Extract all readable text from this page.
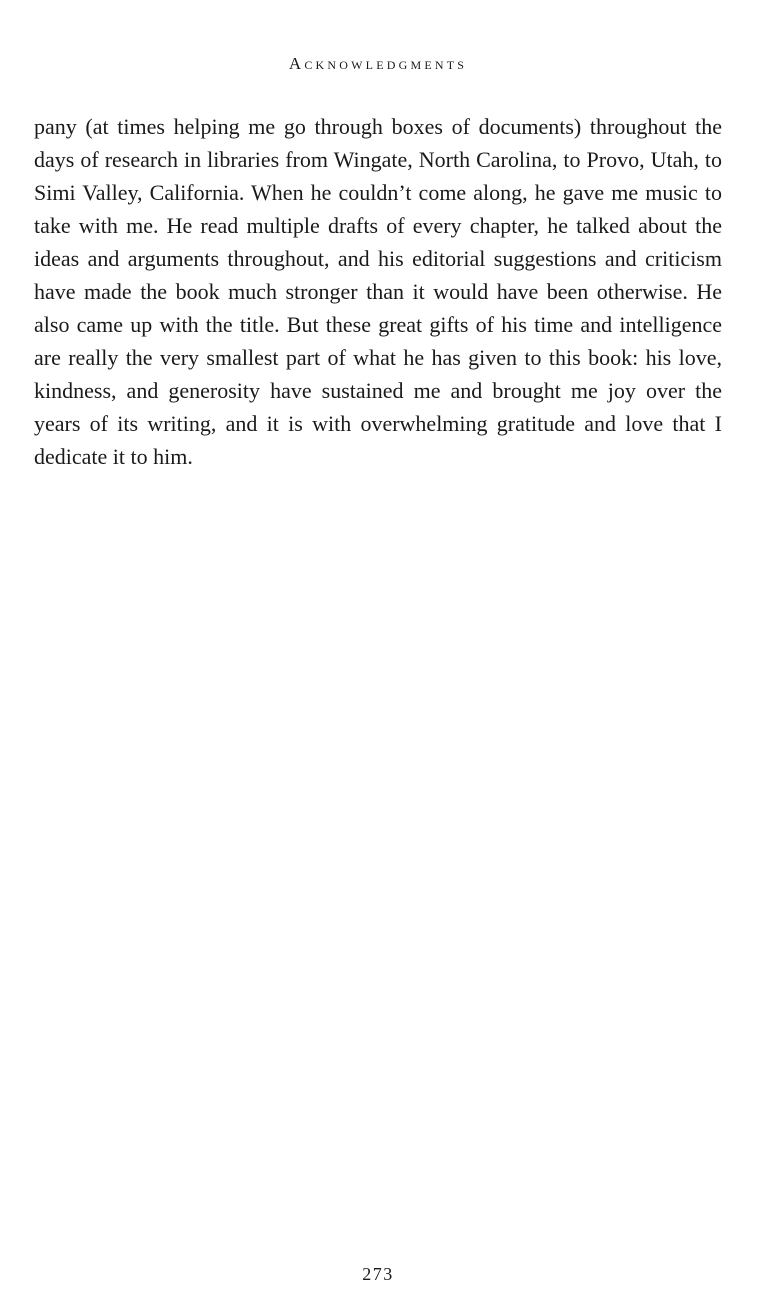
Acknowledgments

pany (at times helping me go through boxes of documents) throughout the days of research in libraries from Wingate, North Carolina, to Provo, Utah, to Simi Valley, California. When he couldn’t come along, he gave me music to take with me. He read multiple drafts of every chapter, he talked about the ideas and arguments throughout, and his editorial suggestions and criticism have made the book much stronger than it would have been otherwise. He also came up with the title. But these great gifts of his time and intelligence are really the very smallest part of what he has given to this book: his love, kindness, and generosity have sustained me and brought me joy over the years of its writing, and it is with overwhelming gratitude and love that I dedicate it to him.

273
